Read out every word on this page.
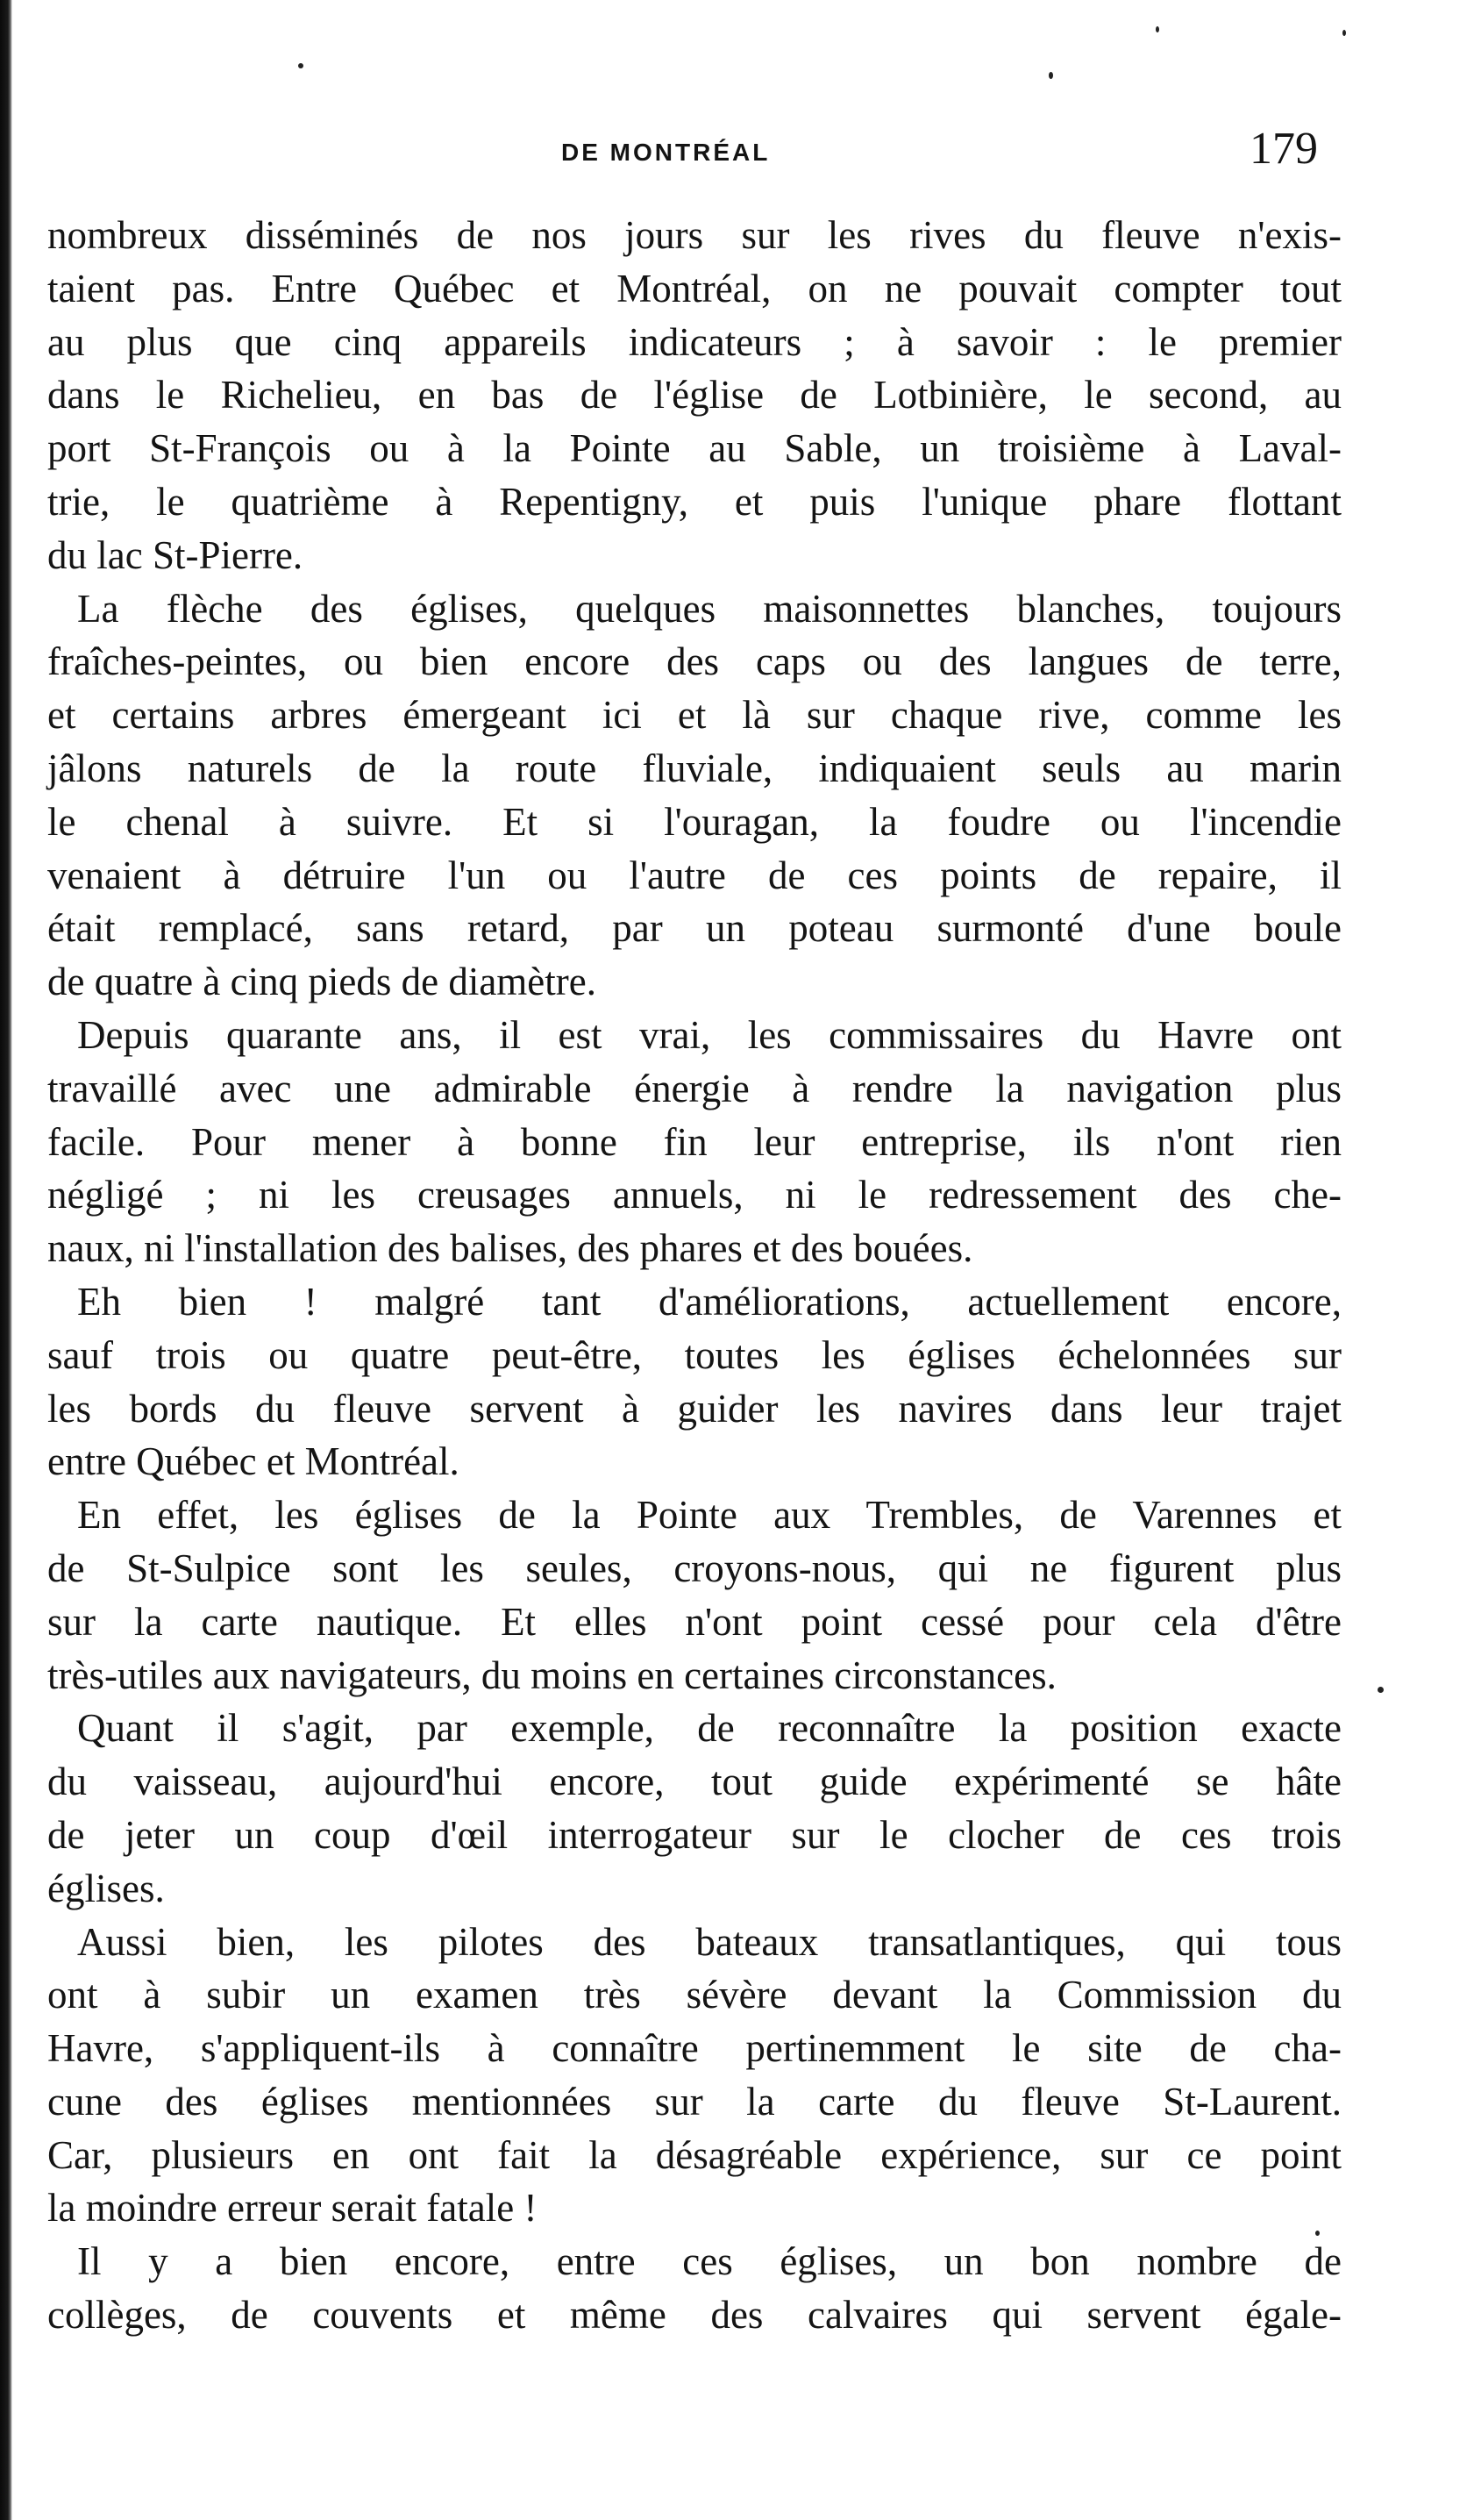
DE MONTRÉAL	179

nombreux disséminés de nos jours sur les rives du fleuve n'exis-
taient pas. Entre Québec et Montréal, on ne pouvait compter tout
au plus que cinq appareils indicateurs ; à savoir : le premier
dans le Richelieu, en bas de l'église de Lotbinière, le second, au
port St-François ou à la Pointe au Sable, un troisième à Laval-
trie, le quatrième à Repentigny, et puis l'unique phare flottant
du lac St-Pierre.

La flèche des églises, quelques maisonnettes blanches, toujours
fraîches-peintes, ou bien encore des caps ou des langues de terre,
et certains arbres émergeant ici et là sur chaque rive, comme les
jâlons naturels de la route fluviale, indiquaient seuls au marin
le chenal à suivre. Et si l'ouragan, la foudre ou l'incendie
venaient à détruire l'un ou l'autre de ces points de repaire, il
était remplacé, sans retard, par un poteau surmonté d'une boule
de quatre à cinq pieds de diamètre.

Depuis quarante ans, il est vrai, les commissaires du Havre ont
travaillé avec une admirable énergie à rendre la navigation plus
facile. Pour mener à bonne fin leur entreprise, ils n'ont rien
négligé ; ni les creusages annuels, ni le redressement des che-
naux, ni l'installation des balises, des phares et des bouées.

Eh bien ! malgré tant d'améliorations, actuellement encore,
sauf trois ou quatre peut-être, toutes les églises échelonnées sur
les bords du fleuve servent à guider les navires dans leur trajet
entre Québec et Montréal.

En effet, les églises de la Pointe aux Trembles, de Varennes et
de St-Sulpice sont les seules, croyons-nous, qui ne figurent plus
sur la carte nautique. Et elles n'ont point cessé pour cela d'être
très-utiles aux navigateurs, du moins en certaines circonstances.

Quant il s'agit, par exemple, de reconnaître la position exacte
du vaisseau, aujourd'hui encore, tout guide expérimenté se hâte
de jeter un coup d'œil interrogateur sur le clocher de ces trois
églises.

Aussi bien, les pilotes des bateaux transatlantiques, qui tous
ont à subir un examen très sévère devant la Commission du
Havre, s'appliquent-ils à connaître pertinemment le site de cha-
cune des églises mentionnées sur la carte du fleuve St-Laurent.
Car, plusieurs en ont fait la désagréable expérience, sur ce point
la moindre erreur serait fatale !

Il y a bien encore, entre ces églises, un bon nombre de
collèges, de couvents et même des calvaires qui servent égale-
